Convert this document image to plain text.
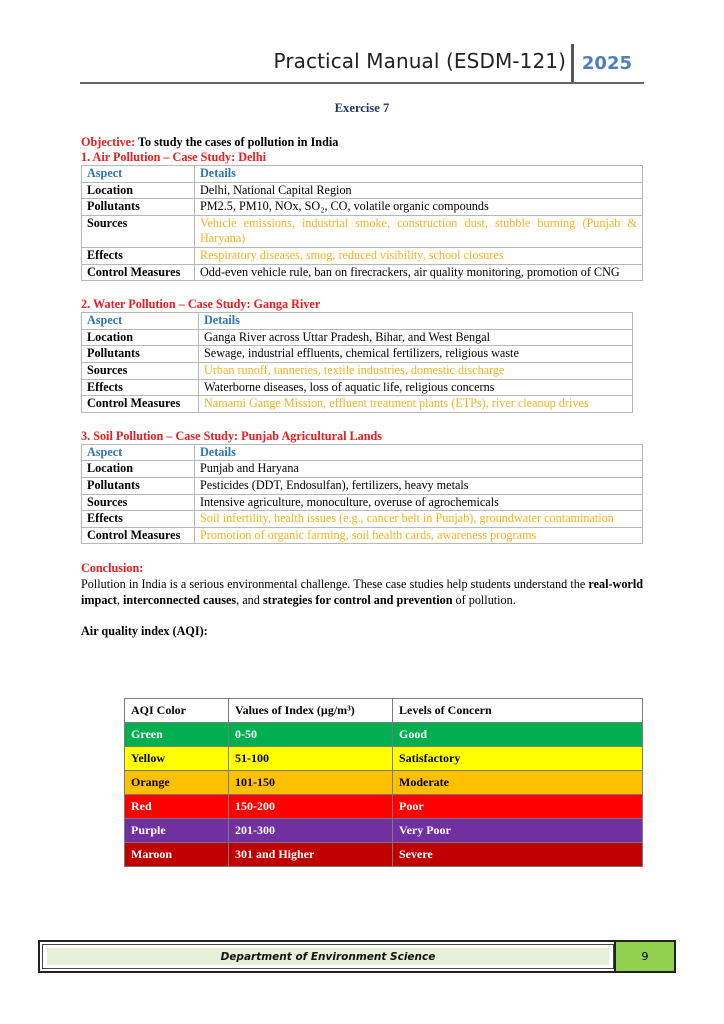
Practical Manual (ESDM-121) 2025
Exercise 7
Objective: To study the cases of pollution in India
1. Air Pollution – Case Study: Delhi
Aspect	Details
Location	Delhi, National Capital Region
Pollutants	PM2.5, PM10, NOx, SO₂, CO, volatile organic compounds
Sources	Vehicle emissions, industrial smoke, construction dust, stubble burning (Punjab & Haryana)
Effects	Respiratory diseases, smog, reduced visibility, school closures
Control Measures	Odd-even vehicle rule, ban on firecrackers, air quality monitoring, promotion of CNG
2. Water Pollution – Case Study: Ganga River
Aspect	Details
Location	Ganga River across Uttar Pradesh, Bihar, and West Bengal
Pollutants	Sewage, industrial effluents, chemical fertilizers, religious waste
Sources	Urban runoff, tanneries, textile industries, domestic discharge
Effects	Waterborne diseases, loss of aquatic life, religious concerns
Control Measures	Namami Gange Mission, effluent treatment plants (ETPs), river cleanup drives
3. Soil Pollution – Case Study: Punjab Agricultural Lands
Aspect	Details
Location	Punjab and Haryana
Pollutants	Pesticides (DDT, Endosulfan), fertilizers, heavy metals
Sources	Intensive agriculture, monoculture, overuse of agrochemicals
Effects	Soil infertility, health issues (e.g., cancer belt in Punjab), groundwater contamination
Control Measures	Promotion of organic farming, soil health cards, awareness programs
Conclusion:

Pollution in India is a serious environmental challenge. These case studies help students understand the real-world impact, interconnected causes, and strategies for control and prevention of pollution.

Air quality index (AQI):
AQI Color	Values of Index (µg/m³)	Levels of Concern
Green	0-50	Good
Yellow	51-100	Satisfactory
Orange	101-150	Moderate
Red	150-200	Poor
Purple	201-300	Very Poor
Maroon	301 and Higher	Severe
Department of Environment Science	9
